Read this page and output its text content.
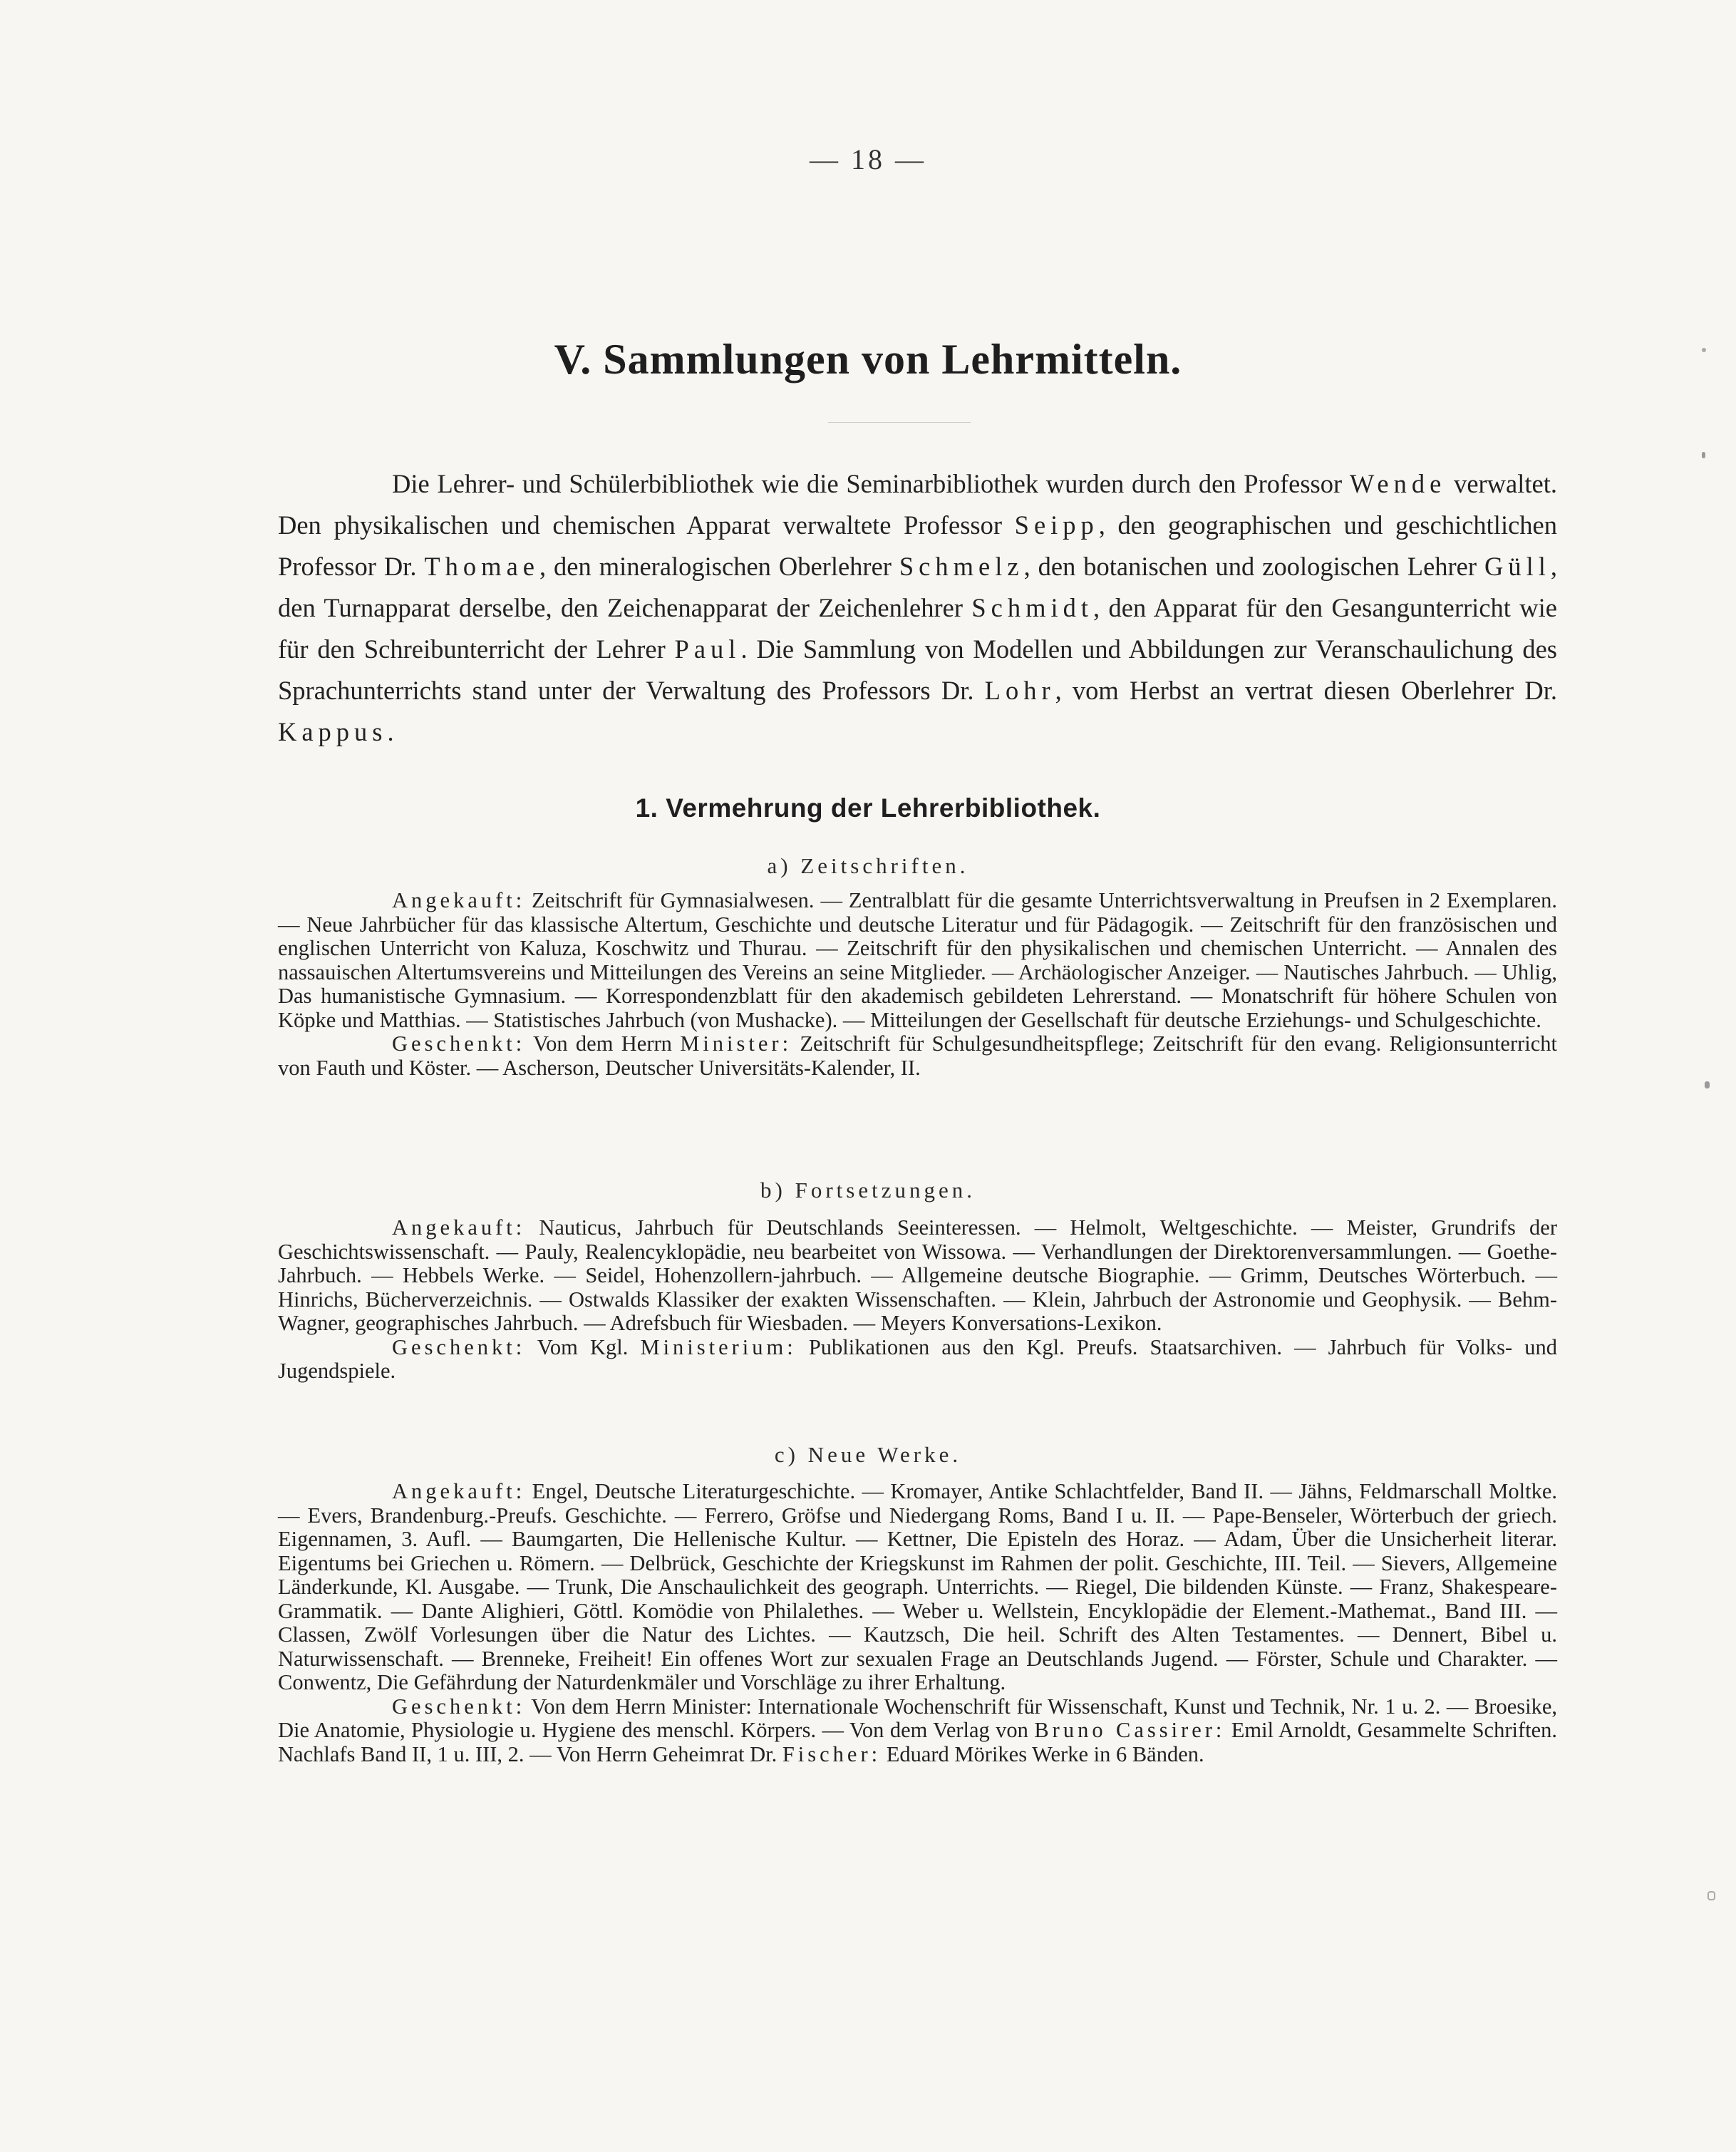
— 18 —
V. Sammlungen von Lehrmitteln.

Die Lehrer- und Schülerbibliothek wie die Seminarbibliothek wurden durch den Professor Wende verwaltet. Den physikalischen und chemischen Apparat verwaltete Professor Seipp, den geographischen und geschichtlichen Professor Dr. Thomae, den mineralogischen Oberlehrer Schmelz, den botanischen und zoologischen Lehrer Güll, den Turnapparat derselbe, den Zeichenapparat der Zeichenlehrer Schmidt, den Apparat für den Gesangunterricht wie für den Schreibunterricht der Lehrer Paul. Die Sammlung von Modellen und Abbildungen zur Veranschaulichung des Sprachunterrichts stand unter der Verwaltung des Professors Dr. Lohr, vom Herbst an vertrat diesen Oberlehrer Dr. Kappus.

1. Vermehrung der Lehrerbibliothek.
a) Zeitschriften.

Angekauft: Zeitschrift für Gymnasialwesen. — Zentralblatt für die gesamte Unterrichtsverwaltung in Preufsen in 2 Exemplaren. — Neue Jahrbücher für das klassische Altertum, Geschichte und deutsche Literatur und für Pädagogik. — Zeitschrift für den französischen und englischen Unterricht von Kaluza, Koschwitz und Thurau. — Zeitschrift für den physikalischen und chemischen Unterricht. — Annalen des nassauischen Altertumsvereins und Mitteilungen des Vereins an seine Mitglieder. — Archäologischer Anzeiger. — Nautisches Jahrbuch. — Uhlig, Das humanistische Gymnasium. — Korrespondenzblatt für den akademisch gebildeten Lehrerstand. — Monatschrift für höhere Schulen von Köpke und Matthias. — Statistisches Jahrbuch (von Mushacke). — Mitteilungen der Gesellschaft für deutsche Erziehungs- und Schulgeschichte.

Geschenkt: Von dem Herrn Minister: Zeitschrift für Schulgesundheitspflege; Zeitschrift für den evang. Religionsunterricht von Fauth und Köster. — Ascherson, Deutscher Universitäts-Kalender, II.

b) Fortsetzungen.

Angekauft: Nauticus, Jahrbuch für Deutschlands Seeinteressen. — Helmolt, Weltgeschichte. — Meister, Grundrifs der Geschichtswissenschaft. — Pauly, Realencyklopädie, neu bearbeitet von Wissowa. — Verhandlungen der Direktorenversammlungen. — Goethe-Jahrbuch. — Hebbels Werke. — Seidel, Hohenzollern-jahrbuch. — Allgemeine deutsche Biographie. — Grimm, Deutsches Wörterbuch. — Hinrichs, Bücherverzeichnis. — Ostwalds Klassiker der exakten Wissenschaften. — Klein, Jahrbuch der Astronomie und Geophysik. — Behm-Wagner, geographisches Jahrbuch. — Adrefsbuch für Wiesbaden. — Meyers Konversations-Lexikon.

Geschenkt: Vom Kgl. Ministerium: Publikationen aus den Kgl. Preufs. Staatsarchiven. — Jahrbuch für Volks- und Jugendspiele.

c) Neue Werke.

Angekauft: Engel, Deutsche Literaturgeschichte. — Kromayer, Antike Schlachtfelder, Band II. — Jähns, Feldmarschall Moltke. — Evers, Brandenburg.-Preufs. Geschichte. — Ferrero, Gröfse und Niedergang Roms, Band I u. II. — Pape-Benseler, Wörterbuch der griech. Eigennamen, 3. Aufl. — Baumgarten, Die Hellenische Kultur. — Kettner, Die Episteln des Horaz. — Adam, Über die Unsicherheit literar. Eigentums bei Griechen u. Römern. — Delbrück, Geschichte der Kriegskunst im Rahmen der polit. Geschichte, III. Teil. — Sievers, Allgemeine Länderkunde, Kl. Ausgabe. — Trunk, Die Anschaulichkeit des geograph. Unterrichts. — Riegel, Die bildenden Künste. — Franz, Shakespeare-Grammatik. — Dante Alighieri, Göttl. Komödie von Philalethes. — Weber u. Wellstein, Encyklopädie der Element.-Mathemat., Band III. — Classen, Zwölf Vorlesungen über die Natur des Lichtes. — Kautzsch, Die heil. Schrift des Alten Testamentes. — Dennert, Bibel u. Naturwissenschaft. — Brenneke, Freiheit! Ein offenes Wort zur sexualen Frage an Deutschlands Jugend. — Förster, Schule und Charakter. — Conwentz, Die Gefährdung der Naturdenkmäler und Vorschläge zu ihrer Erhaltung.

Geschenkt: Von dem Herrn Minister: Internationale Wochenschrift für Wissenschaft, Kunst und Technik, Nr. 1 u. 2. — Broesike, Die Anatomie, Physiologie u. Hygiene des menschl. Körpers. — Von dem Verlag von Bruno Cassirer: Emil Arnoldt, Gesammelte Schriften. Nachlafs Band II, 1 u. III, 2. — Von Herrn Geheimrat Dr. Fischer: Eduard Mörikes Werke in 6 Bänden.
